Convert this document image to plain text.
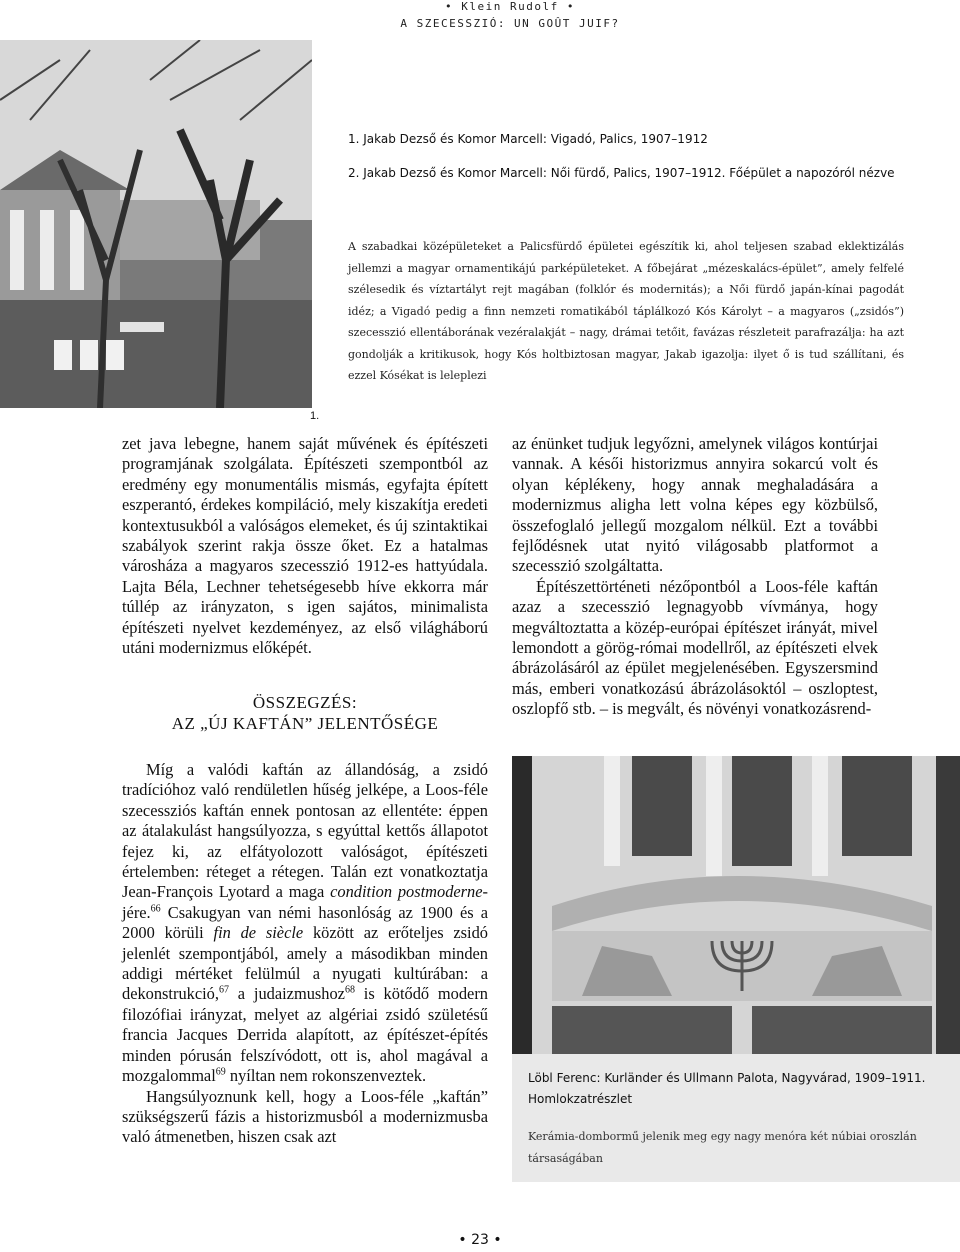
• Klein Rudolf •
A SZECESSZIÓ: UN GOÛT JUIF?
1.

1. Jakab Dezső és Komor Marcell: Vigadó, Palics, 1907–1912

2. Jakab Dezső és Komor Marcell: Női fürdő, Palics, 1907–1912. Főépület a napozóról nézve

A szabadkai középületeket a Palicsfürdő épületei egészítik ki, ahol teljesen szabad eklektizálás jellemzi a magyar ornamentikájú parképületeket. A főbejárat „mézeskalács-épület”, amely felfelé szélesedik és víztartályt rejt magában (folklór és modernitás); a Női fürdő japán-kínai pagodát idéz; a Vigadó pedig a finn nemzeti romatikából táplálkozó Kós Károlyt – a magyaros („zsidós”) szecesszió ellentáborának vezéralakját – nagy, drámai tetőit, favázas részleteit parafrazálja: ha azt gondolják a kritikusok, hogy Kós holtbiztosan magyar, Jakab igazolja: ilyet ő is tud szállítani, és ezzel Kósékat is leleplezi

zet java lebegne, hanem saját művének és építészeti programjának szolgálata. Építészeti szempontból az eredmény egy monumentális mismás, egyfajta épített eszperantó, érdekes kompiláció, mely kiszakítja eredeti kontextusukból a valóságos elemeket, és új szintaktikai szabályok szerint rakja össze őket. Ez a hatalmas városháza a magyaros szecesszió 1912-es hattyúdala. Lajta Béla, Lechner tehetségesebb híve ekkorra már túllép az irányzaton, s igen sajátos, minimalista építészeti nyelvet kezdeményez, az első világháború utáni modernizmus előképét.

ÖSSZEGZÉS:
AZ „ÚJ KAFTÁN” JELENTŐSÉGE

Míg a valódi kaftán az állandóság, a zsidó tradícióhoz való rendületlen hűség jelképe, a Loos-féle szecessziós kaftán ennek pontosan az ellentéte: éppen az átalakulást hangsúlyozza, s egyúttal kettős állapotot fejez ki, az elfátyolozott valóságot, építészeti értelemben: réteget a rétegen. Talán ezt vonatkoztatja Jean-François Lyotard a maga condition postmoderne-jére.$^{66}$ Csakugyan van némi hasonlóság az 1900 és a 2000 körüli fin de siècle között az erőteljes zsidó jelenlét szempontjából, amely a másodikban minden addigi mértéket felülmúl a nyugati kultúrában: a dekonstrukció,$^{67}$ a judaizmushoz$^{68}$ is kötődő modern filozófiai irányzat, melyet az algériai zsidó születésű francia Jacques Derrida alapított, az építészet-építés minden pórusán felszívódott, ott is, ahol magával a mozgalommal$^{69}$ nyíltan nem rokonszenveztek.

Hangsúlyoznunk kell, hogy a Loos-féle „kaftán” szükségszerű fázis a historizmusból a modernizmusba való átmenetben, hiszen csak azt

az énünket tudjuk legyőzni, amelynek világos kontúrjai vannak. A késői historizmus annyira sokarcú volt és olyan képlékeny, hogy annak meghaladására a modernizmus aligha lett volna képes egy közbülső, összefoglaló jellegű mozgalom nélkül. Ezt a további fejlődésnek utat nyitó világosabb platformot a szecesszió szolgáltatta.

Építészettörténeti nézőpontból a Loos-féle kaftán azaz a szecesszió legnagyobb vívmánya, hogy megváltoztatta a közép-európai építészet irányát, mivel lemondott a görög-római modellről, az építészeti elvek ábrázolásáról az épület megjelenésében. Egyszersmind más, emberi vonatkozású ábrázolásoktól – oszloptest, oszlopfő stb. – is megvált, és növényi vonatkozásrend-

Löbl Ferenc: Kurländer és Ullmann Palota, Nagyvárad, 1909–1911. Homlokzatrészlet
Kerámia-dombormű jelenik meg egy nagy menóra két núbiai oroszlán társaságában
• 23 •
